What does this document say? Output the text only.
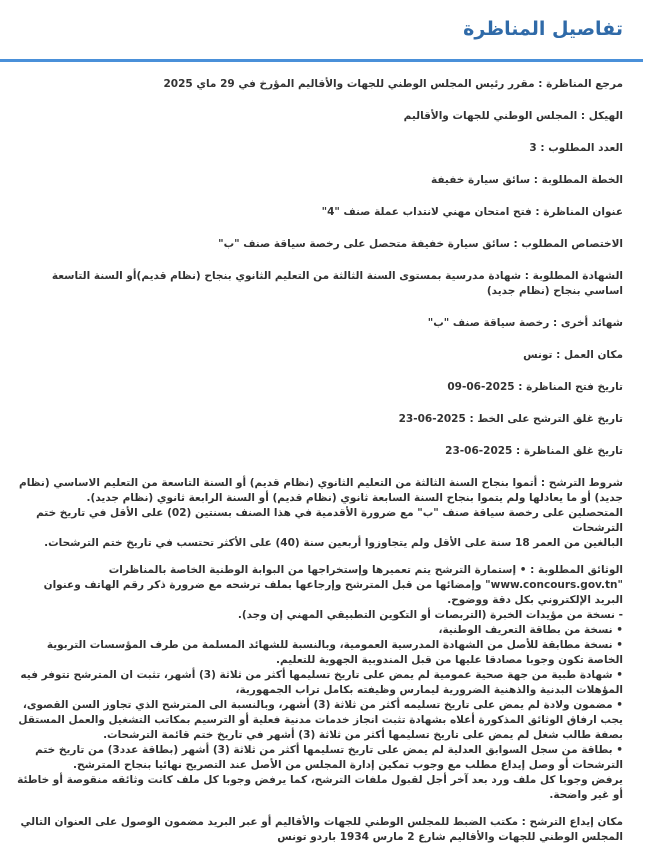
تفاصيل المناظرة
مرجع المناظرة : مقرر رئيس المجلس الوطني للجهات والأقاليم المؤرخ في 29 ماي 2025
الهيكل : المجلس الوطني للجهات والأقاليم
العدد المطلوب : 3
الخطة المطلوبة : سائق سيارة خفيفة
عنوان المناظرة : فتح امتحان مهني لانتداب عملة صنف "4"
الاختصاص المطلوب : سائق سيارة خفيفة متحصل على رخصة سياقة صنف "ب"
الشهادة المطلوبة : شهادة مدرسية بمستوى السنة الثالثة من التعليم الثانوي بنجاح (نظام قديم)أو السنة التاسعة اساسي بنجاح (نظام جديد)
شهائد أخرى : رخصة سياقة صنف "ب"
مكان العمل : تونس
تاريخ فتح المناظرة : 2025-06-09
تاريخ غلق الترشح على الخط : 2025-06-23
تاريخ غلق المناظرة : 2025-06-23

شروط الترشح : أتموا بنجاح السنة الثالثة من التعليم الثانوي (نظام قديم) أو السنة التاسعة من التعليم الاساسي (نظام جديد) أو ما يعادلها ولم يتموا بنجاح السنة السابعة ثانوي (نظام قديم) أو السنة الرابعة ثانوي (نظام جديد).

المتحصلين على رخصة سياقة صنف "ب" مع ضرورة الأقدمية في هذا الصنف بسنتين (02) على الأقل في تاريخ ختم الترشحات

البالغين من العمر 18 سنة على الأقل ولم يتجاوزوا أربعين سنة (40) على الأكثر تحتسب في تاريخ ختم الترشحات.

الوثائق المطلوبة : • إستمارة الترشح يتم تعميرها وإستخراجها من البوابة الوطنية الخاصة بالمناظرات "www.concours.gov.tn" وإمضائها من قبل المترشح وإرجاعها بملف ترشحه مع ضرورة ذكر رقم الهاتف وعنوان البريد الإلكتروني بكل دقة ووضوح.

- نسخة من مؤيدات الخبرة (التربصات أو التكوين التطبيقي المهني إن وجد).

• نسخة من بطاقة التعريف الوطنية،

• نسخة مطابقة للأصل من الشهادة المدرسية العمومية، وبالنسبة للشهائد المسلمة من طرف المؤسسات التربوية الخاصة تكون وجوبا مصادقا عليها من قبل المندوبية الجهوية للتعليم.

• شهادة طبية من جهة صحية عمومية لم يمض على تاريخ تسليمها أكثر من ثلاثة (3) أشهر، تثبت ان المترشح تتوفر فيه المؤهلات البدنية والذهنية الضرورية ليمارس وظيفته بكامل تراب الجمهورية،

• مضمون ولادة لم يمض على تاريخ تسليمه أكثر من ثلاثة (3) أشهر، وبالنسبة الى المترشح الذي تجاوز السن القصوى، يجب ارفاق الوثائق المذكورة أعلاه بشهادة تثبت انجاز خدمات مدنية فعلية أو الترسيم بمكاتب التشغيل والعمل المستقل بصفة طالب شغل لم يمض على تاريخ تسليمها أكثر من ثلاثة (3) أشهر في تاريخ ختم قائمة الترشحات.

• بطاقة من سجل السوابق العدلية لم يمض على تاريخ تسليمها أكثر من ثلاثة (3) أشهر (بطاقة عدد3) من تاريخ ختم الترشحات أو وصل إيداع مطلب مع وجوب تمكين إدارة المجلس من الأصل عند التصريح نهائيا بنجاح المترشح.

يرفض وجوبا كل ملف ورد بعد آخر أجل لقبول ملفات الترشح، كما يرفض وجوبا كل ملف كانت وثائقه منقوصة أو خاطئة أو غير واضحة.

مكان إيداع الترشح : مكتب الضبط للمجلس الوطني للجهات والأقاليم أو عبر البريد مضمون الوصول على العنوان التالي

المجلس الوطني للجهات والأقاليم شارع 2 مارس 1934 باردو تونس
